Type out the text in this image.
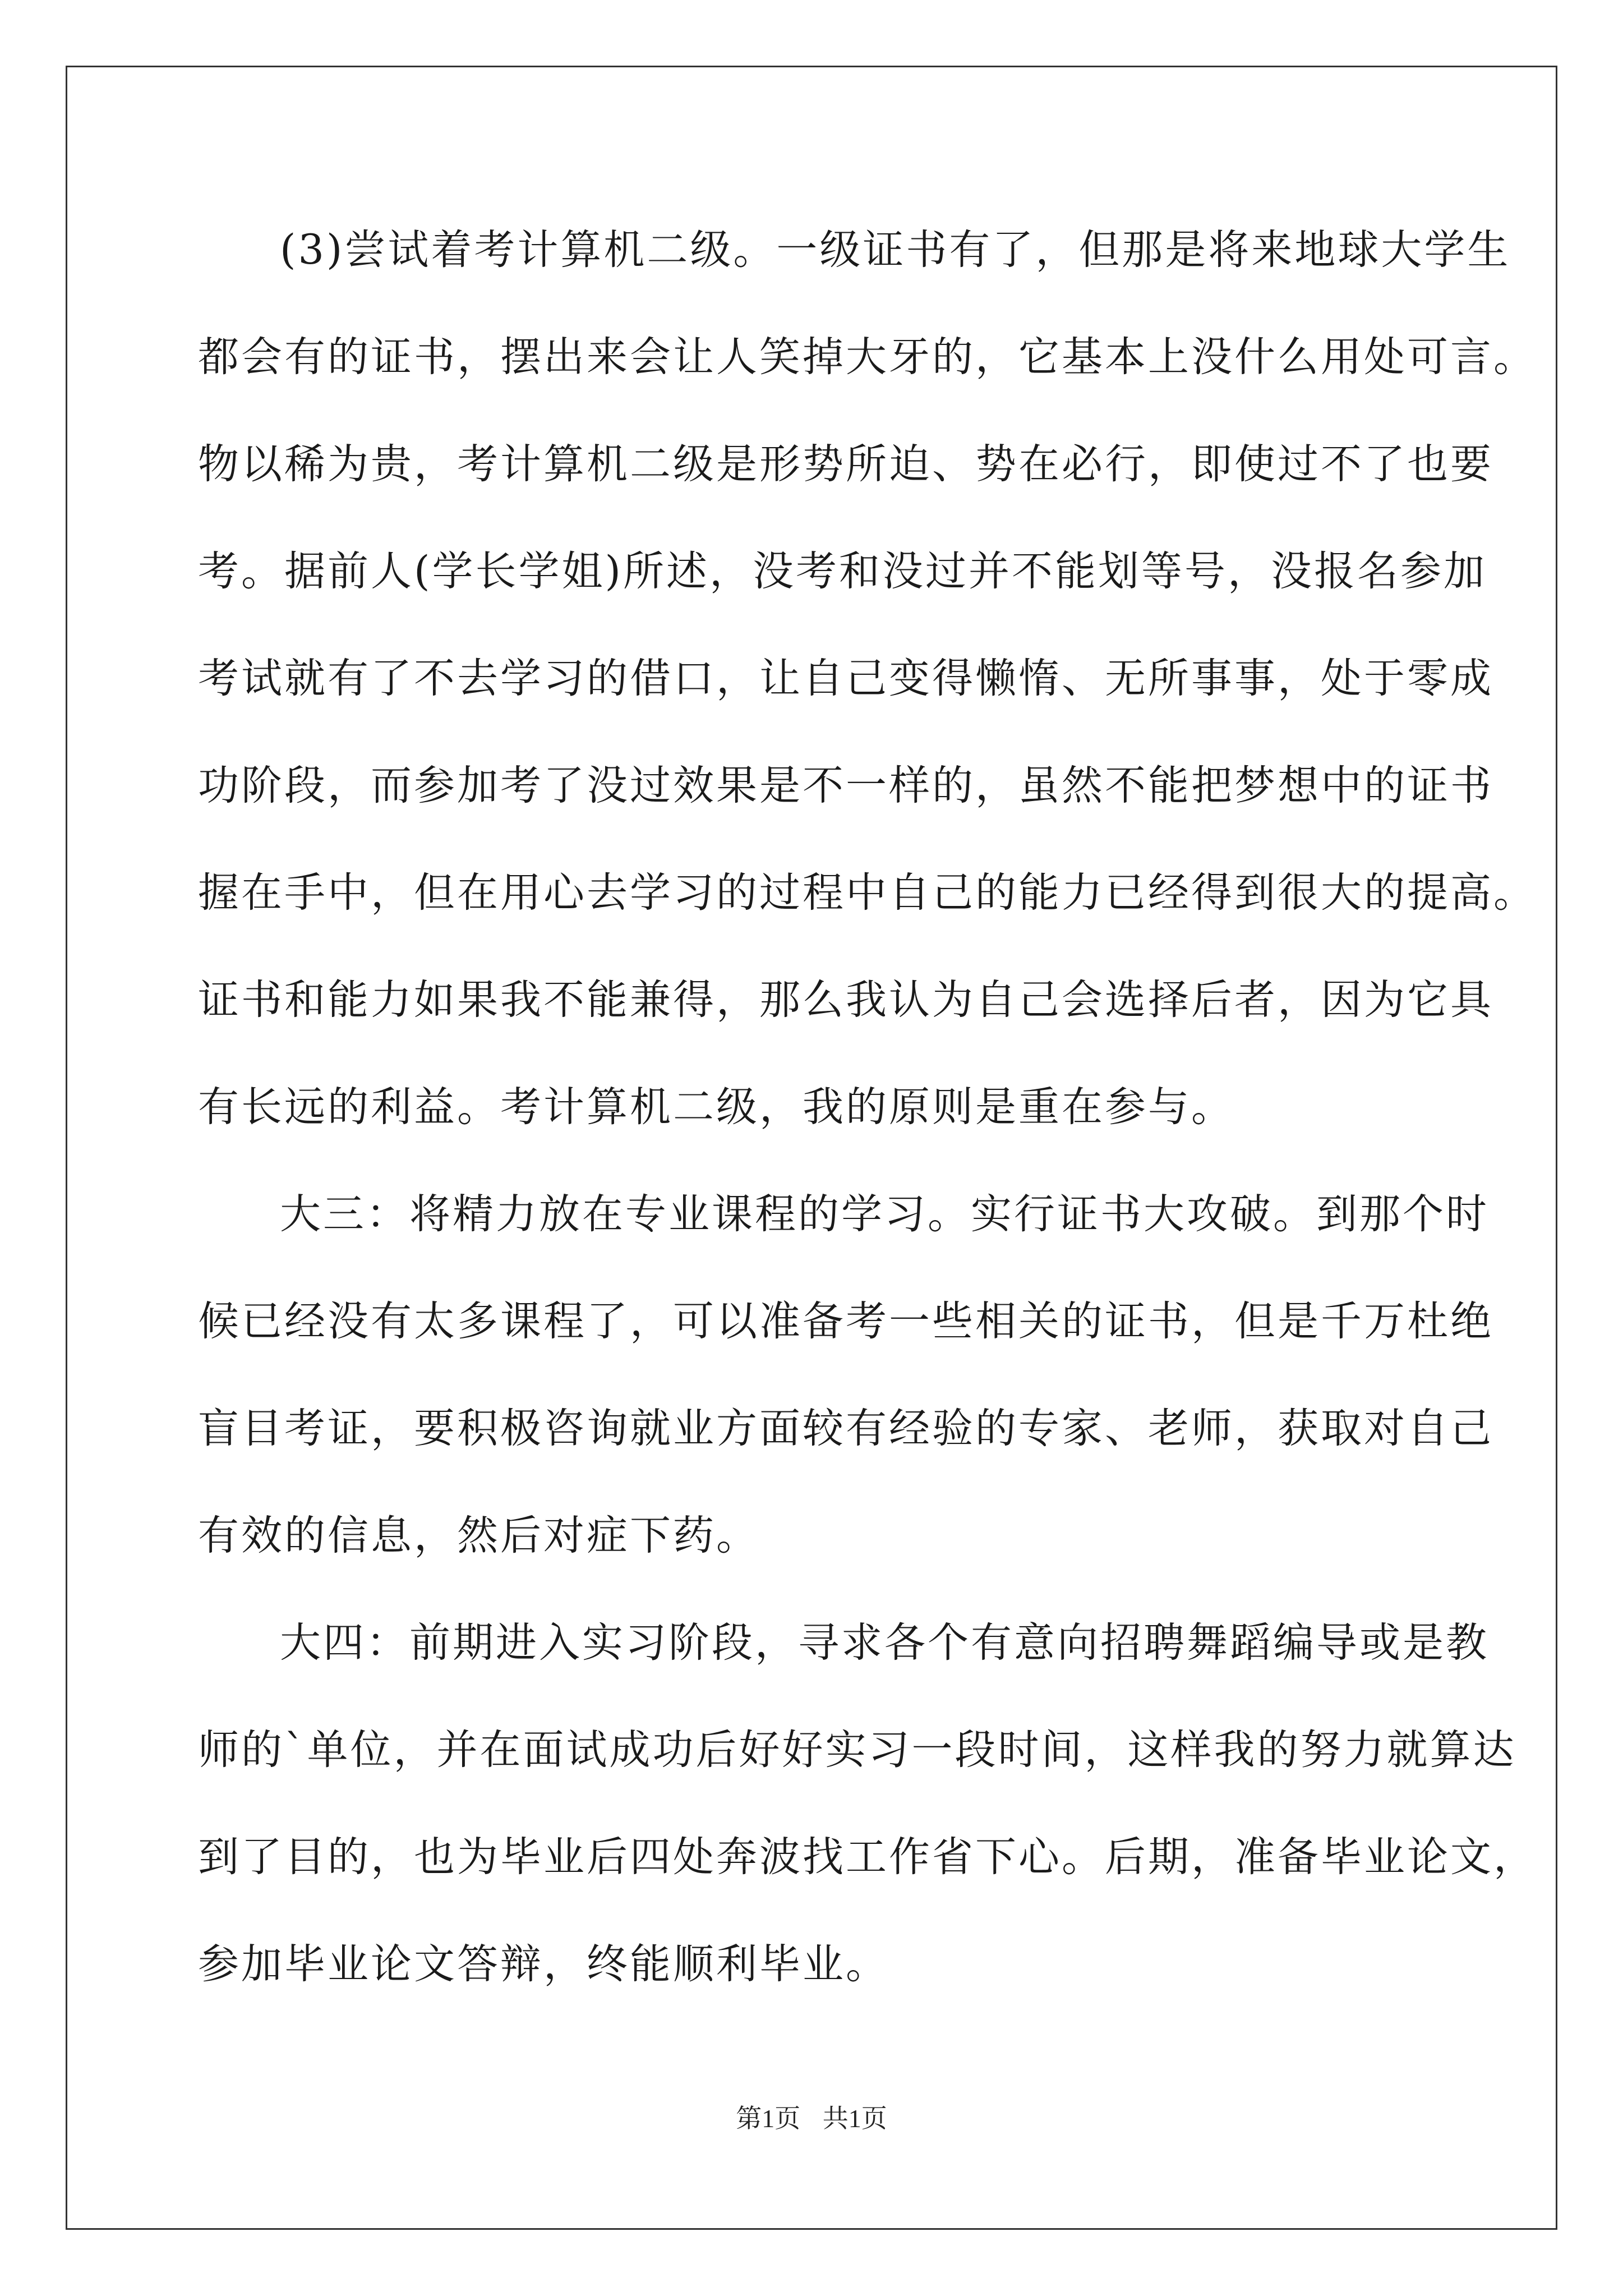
(3)尝试着考计算机二级。一级证书有了，但那是将来地球大学生
都会有的证书，摆出来会让人笑掉大牙的，它基本上没什么用处可言。
物以稀为贵，考计算机二级是形势所迫、势在必行，即使过不了也要
考。据前人(学长学姐)所述，没考和没过并不能划等号，没报名参加
考试就有了不去学习的借口，让自己变得懒惰、无所事事，处于零成
功阶段，而参加考了没过效果是不一样的，虽然不能把梦想中的证书
握在手中，但在用心去学习的过程中自己的能力已经得到很大的提高。
证书和能力如果我不能兼得，那么我认为自己会选择后者，因为它具
有长远的利益。考计算机二级，我的原则是重在参与。
大三：将精力放在专业课程的学习。实行证书大攻破。到那个时
候已经没有太多课程了，可以准备考一些相关的证书，但是千万杜绝
盲目考证，要积极咨询就业方面较有经验的专家、老师，获取对自己
有效的信息，然后对症下药。
大四：前期进入实习阶段，寻求各个有意向招聘舞蹈编导或是教
师的`单位，并在面试成功后好好实习一段时间，这样我的努力就算达
到了目的，也为毕业后四处奔波找工作省下心。后期，准备毕业论文，
参加毕业论文答辩，终能顺利毕业。
第1页 共1页
